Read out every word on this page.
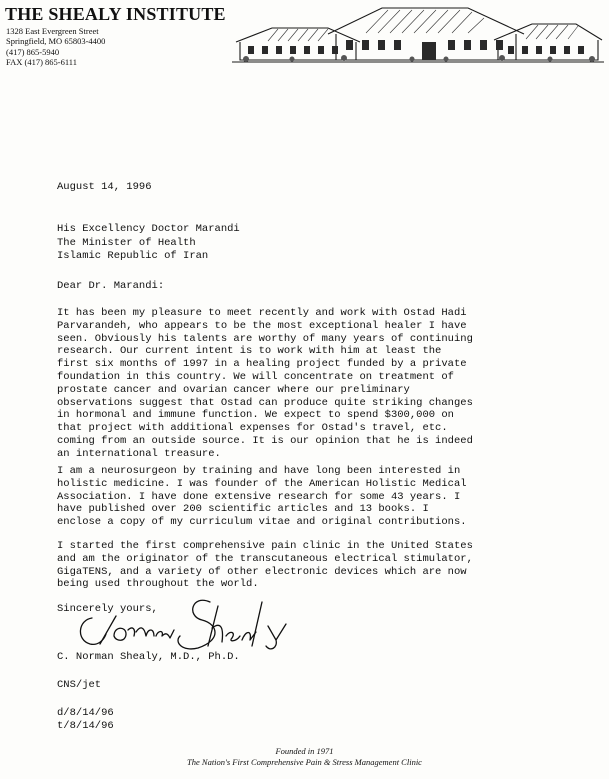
THE SHEALY INSTITUTE
1328 East Evergreen Street
Springfield, MO 65803-4400
(417) 865-5940
FAX (417) 865-6111
August 14, 1996
His Excellency Doctor Marandi
The Minister of Health
Islamic Republic of Iran
Dear Dr. Marandi:
It has been my pleasure to meet recently and work with Ostad Hadi
Parvarandeh, who appears to be the most exceptional healer I have
seen. Obviously his talents are worthy of many years of continuing
research. Our current intent is to work with him at least the
first six months of 1997 in a healing project funded by a private
foundation in this country. We will concentrate on treatment of
prostate cancer and ovarian cancer where our preliminary
observations suggest that Ostad can produce quite striking changes
in hormonal and immune function. We expect to spend $300,000 on
that project with additional expenses for Ostad's travel, etc.
coming from an outside source. It is our opinion that he is indeed
an international treasure.
I am a neurosurgeon by training and have long been interested in
holistic medicine. I was founder of the American Holistic Medical
Association. I have done extensive research for some 43 years. I
have published over 200 scientific articles and 13 books. I
enclose a copy of my curriculum vitae and original contributions.
I started the first comprehensive pain clinic in the United States
and am the originator of the transcutaneous electrical stimulator,
GigaTENS, and a variety of other electronic devices which are now
being used throughout the world.
Sincerely yours,
C. Norman Shealy, M.D., Ph.D.
CNS/jet
d/8/14/96
t/8/14/96
Founded in 1971
The Nation's First Comprehensive Pain & Stress Management Clinic
